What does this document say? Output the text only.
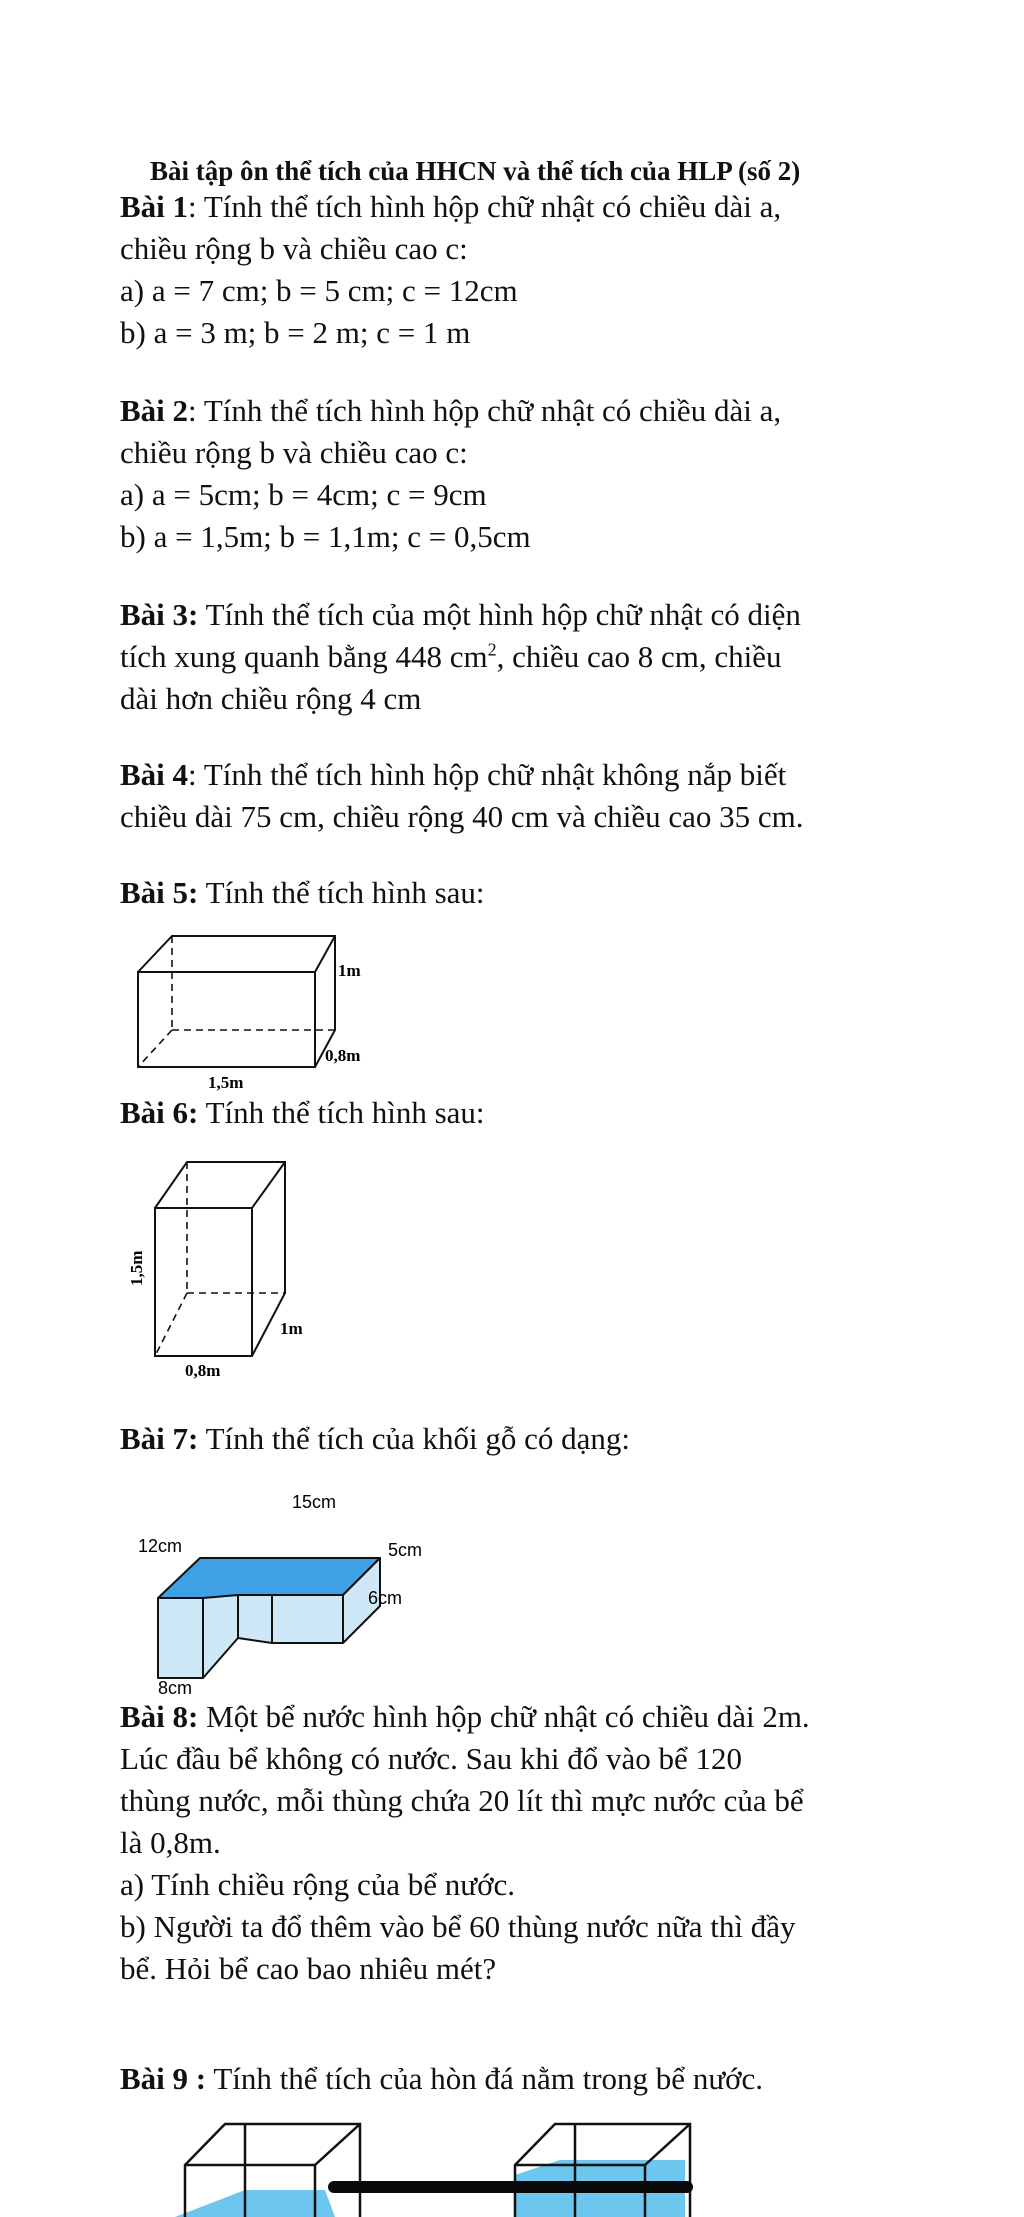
Bài tập ôn thể tích của HHCN và thể tích của HLP (số 2)
Bài 1: Tính thể tích hình hộp chữ nhật có chiều dài a,
chiều rộng b và chiều cao c:
a) a = 7 cm; b = 5 cm; c = 12cm
b) a = 3 m; b = 2 m; c = 1 m
Bài 2: Tính thể tích hình hộp chữ nhật có chiều dài a,
chiều rộng b và chiều cao c:
a) a = 5cm; b = 4cm; c = 9cm
b) a = 1,5m; b = 1,1m; c = 0,5cm
Bài 3: Tính thể tích của một hình hộp chữ nhật có diện
tích xung quanh bằng 448 $cm^2$, chiều cao 8 cm, chiều
dài hơn chiều rộng 4 cm
Bài 4: Tính thể tích hình hộp chữ nhật không nắp biết
chiều dài 75 cm, chiều rộng 40 cm và chiều cao 35 cm.
Bài 5: Tính thể tích hình sau:
1m
0,8m
1,5m
Bài 6: Tính thể tích hình sau:
1,5m
1m
0,8m
Bài 7: Tính thể tích của khối gỗ có dạng:
15cm
12cm	5cm
6cm
8cm
Bài 8: Một bể nước hình hộp chữ nhật có chiều dài 2m.
Lúc đầu bể không có nước. Sau khi đổ vào bể 120
thùng nước, mỗi thùng chứa 20 lít thì mực nước của bể
là 0,8m.
a) Tính chiều rộng của bể nước.
b) Người ta đổ thêm vào bể 60 thùng nước nữa thì đầy
bể. Hỏi bể cao bao nhiêu mét?
Bài 9 : Tính thể tích của hòn đá nằm trong bể nước.
